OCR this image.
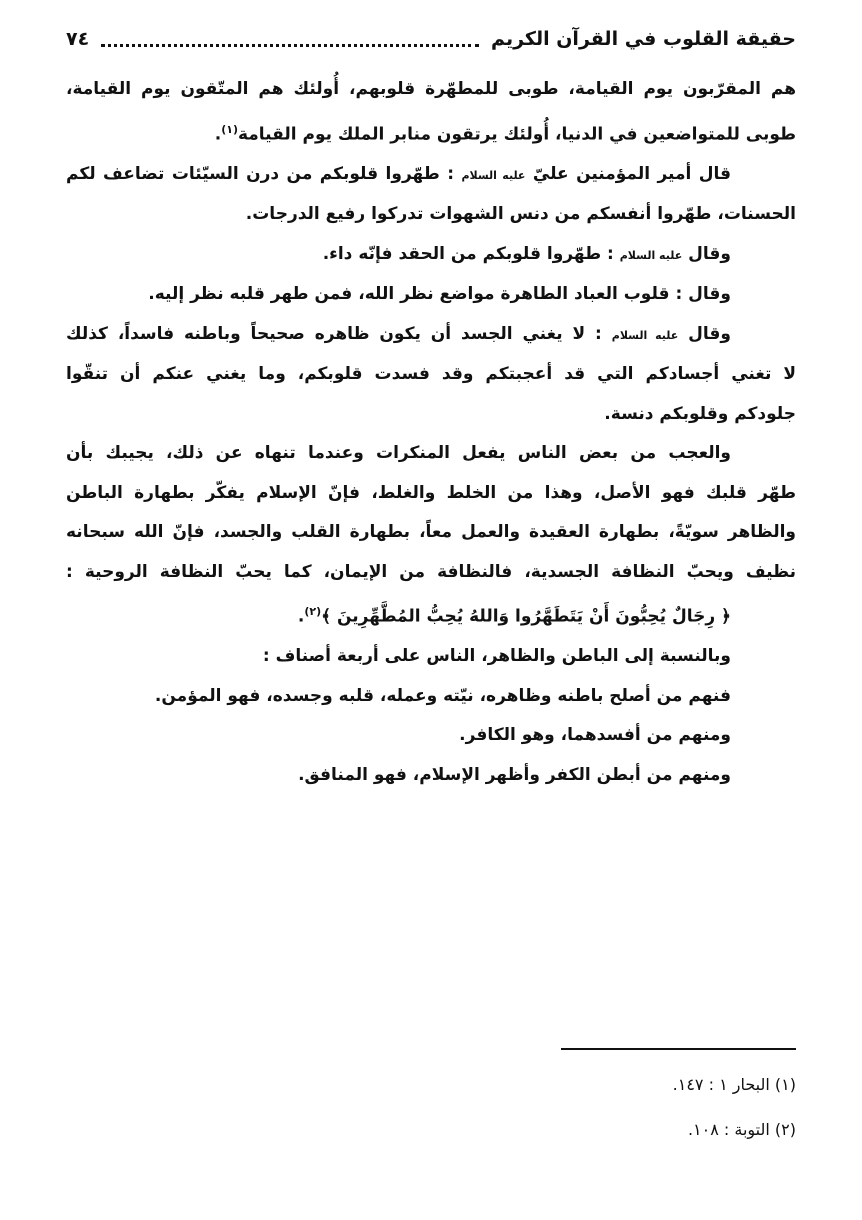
حقيقة القلوب في القرآن الكريم
٧٤
هم المقرّبون يوم القيامة، طوبى للمطهّرة قلوبهم، أُولئك هم المتّقون يوم القيامة،
طوبى للمتواضعين في الدنيا، أُولئك يرتقون منابر الملك يوم القيامة$^{(١)}$.
قال أمير المؤمنين عليّ عليه السلام : طهّروا قلوبكم من درن السيّئات تضاعف لكم
الحسنات، طهّروا أنفسكم من دنس الشهوات تدركوا رفيع الدرجات.
وقال عليه السلام : طهّروا قلوبكم من الحقد فإنّه داء.
وقال : قلوب العباد الطاهرة مواضع نظر الله، فمن طهر قلبه نظر إليه.
وقال عليه السلام : لا يغني الجسد أن يكون ظاهره صحيحاً وباطنه فاسداً، كذلك
لا تغني أجسادكم التي قد أعجبتكم وقد فسدت قلوبكم، وما يغني عنكم أن تنقّوا
جلودكم وقلوبكم دنسة.
والعجب من بعض الناس يفعل المنكرات وعندما تنهاه عن ذلك، يجيبك بأن
طهّر قلبك فهو الأصل، وهذا من الخلط والغلط، فإنّ الإسلام يفكّر بطهارة الباطن
والظاهر سويّةً، بطهارة العقيدة والعمل معاً، بطهارة القلب والجسد، فإنّ الله سبحانه
نظيف ويحبّ النظافة الجسدية، فالنظافة من الإيمان، كما يحبّ النظافة الروحية :
﴿ رِجَالٌ يُحِبُّونَ أَنْ يَتَطَهَّرُوا وَاللهُ يُحِبُّ المُطَّهِّرِينَ ﴾$^{(٢)}$.
وبالنسبة إلى الباطن والظاهر، الناس على أربعة أصناف :
فنهم من أصلح باطنه وظاهره، نيّته وعمله، قلبه وجسده، فهو المؤمن.
ومنهم من أفسدهما، وهو الكافر.
ومنهم من أبطن الكفر وأظهر الإسلام، فهو المنافق.
(١) البحار ١ : ١٤٧.
(٢) التوبة : ١٠٨.
